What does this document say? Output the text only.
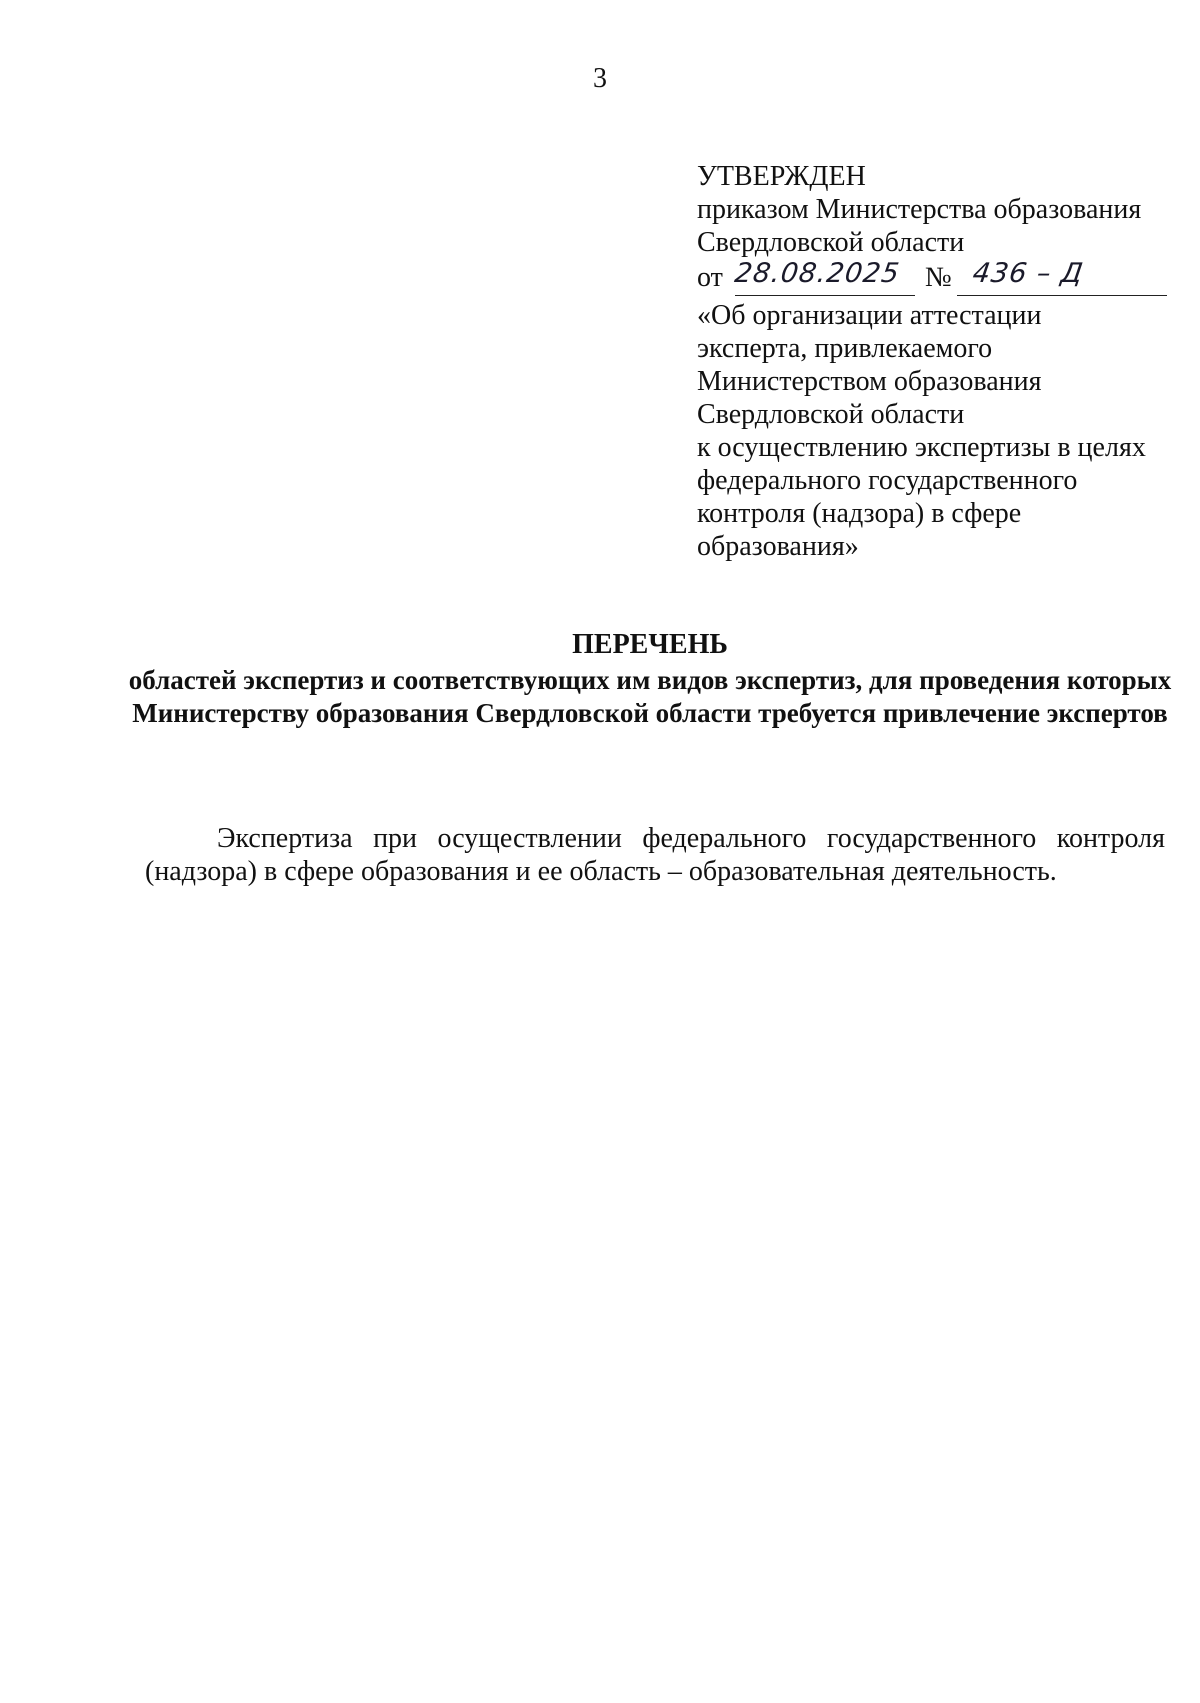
3
УТВЕРЖДЕН
приказом Министерства образования
Свердловской области
от 28.08.2025 № 436 – Д
«Об организации аттестации
эксперта, привлекаемого
Министерством образования
Свердловской области
к осуществлению экспертизы в целях
федерального государственного
контроля (надзора) в сфере
образования»
ПЕРЕЧЕНЬ
областей экспертиз и соответствующих им видов экспертиз, для проведения которых Министерству образования Свердловской области требуется привлечение экспертов
Экспертиза при осуществлении федерального государственного контроля (надзора) в сфере образования и ее область – образовательная деятельность.
